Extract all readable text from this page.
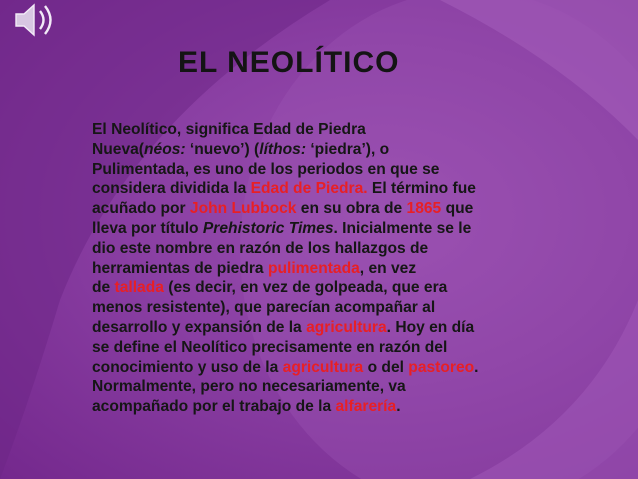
EL NEOLÍTICO
El Neolítico, significa Edad de Piedra
Nueva(néos: ‘nuevo’) (líthos: ‘piedra’), o
Pulimentada, es uno de los periodos en que se
considera dividida la Edad de Piedra. El término fue
acuñado por John Lubbock en su obra de 1865 que
lleva por título Prehistoric Times. Inicialmente se le
dio este nombre en razón de los hallazgos de
herramientas de piedra pulimentada, en vez
de tallada (es decir, en vez de golpeada, que era
menos resistente), que parecían acompañar al
desarrollo y expansión de la agricultura. Hoy en día
se define el Neolítico precisamente en razón del
conocimiento y uso de la agricultura o del pastoreo.
Normalmente, pero no necesariamente, va
acompañado por el trabajo de la alfarería.
